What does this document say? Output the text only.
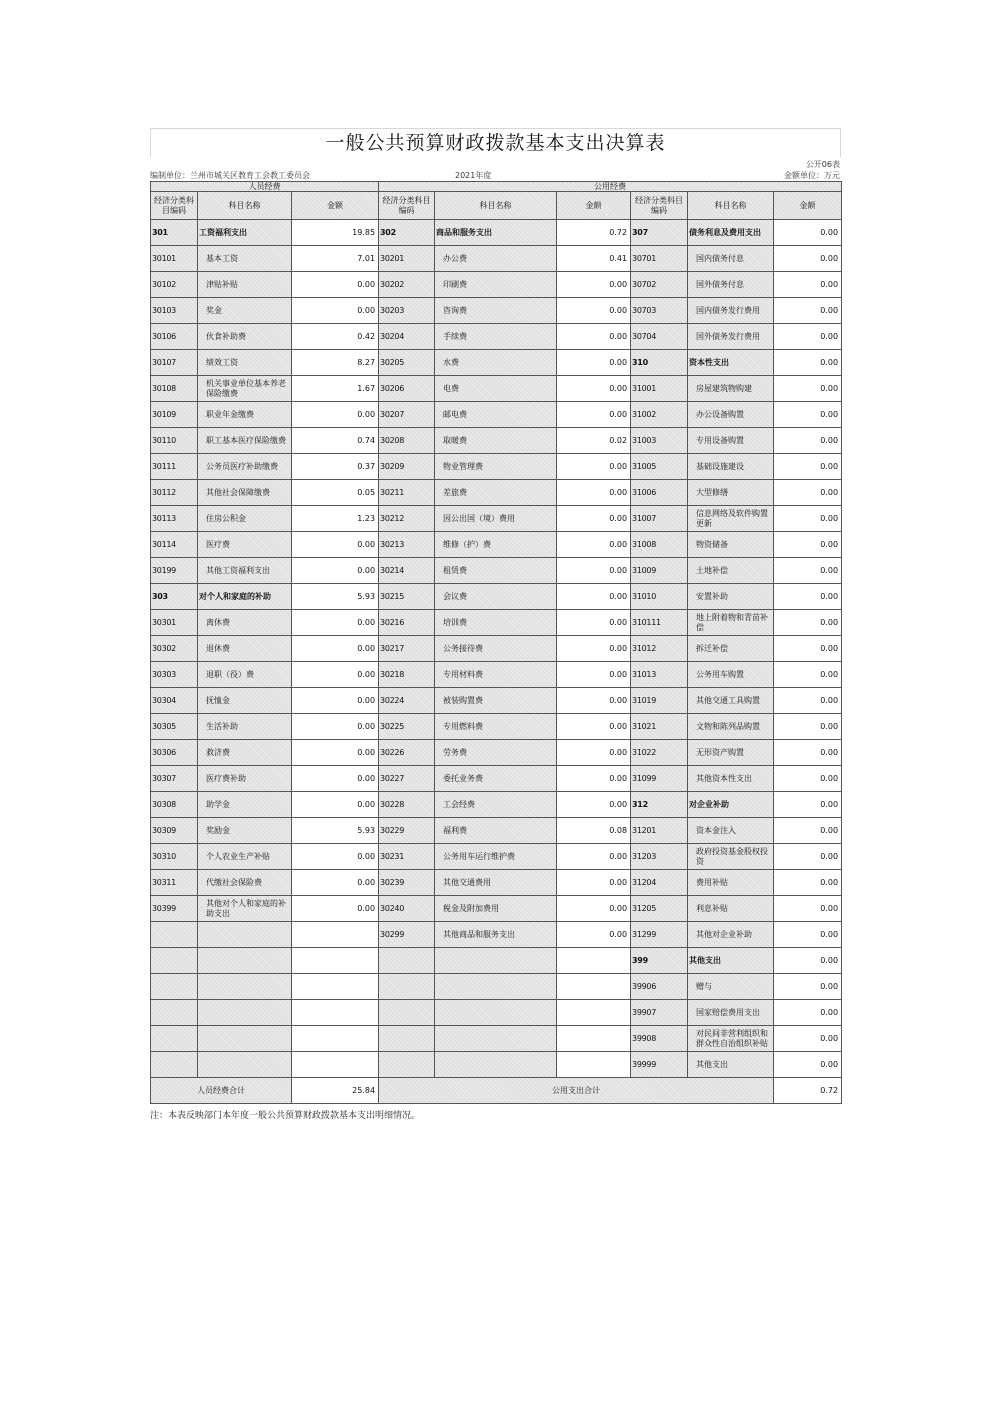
一般公共预算财政拨款基本支出决算表
公开06表
编制单位：兰州市城关区教育工会教工委员会	2021年度	金额单位：万元
人员经费			公用经费					
经济分类科目编码	科目名称	金额	经济分类科目编码	科目名称	金额	经济分类科目编码	科目名称	金额
301	工资福利支出	19.85	302	商品和服务支出	0.72	307	债务利息及费用支出	0.00
30101	基本工资	7.01	30201	办公费	0.41	30701	国内债务付息	0.00
30102	津贴补贴	0.00	30202	印刷费	0.00	30702	国外债务付息	0.00
30103	奖金	0.00	30203	咨询费	0.00	30703	国内债务发行费用	0.00
30106	伙食补助费	0.42	30204	手续费	0.00	30704	国外债务发行费用	0.00
30107	绩效工资	8.27	30205	水费	0.00	310	资本性支出	0.00
30108	机关事业单位基本养老保险缴费	1.67	30206	电费	0.00	31001	房屋建筑物购建	0.00
30109	职业年金缴费	0.00	30207	邮电费	0.00	31002	办公设备购置	0.00
30110	职工基本医疗保险缴费	0.74	30208	取暖费	0.02	31003	专用设备购置	0.00
30111	公务员医疗补助缴费	0.37	30209	物业管理费	0.00	31005	基础设施建设	0.00
30112	其他社会保障缴费	0.05	30211	差旅费	0.00	31006	大型修缮	0.00
30113	住房公积金	1.23	30212	因公出国（境）费用	0.00	31007	信息网络及软件购置更新	0.00
30114	医疗费	0.00	30213	维修（护）费	0.00	31008	物资储备	0.00
30199	其他工资福利支出	0.00	30214	租赁费	0.00	31009	土地补偿	0.00
303	对个人和家庭的补助	5.93	30215	会议费	0.00	31010	安置补助	0.00
30301	离休费	0.00	30216	培训费	0.00	310111	地上附着物和青苗补偿	0.00
30302	退休费	0.00	30217	公务接待费	0.00	31012	拆迁补偿	0.00
30303	退职（役）费	0.00	30218	专用材料费	0.00	31013	公务用车购置	0.00
30304	抚恤金	0.00	30224	被装购置费	0.00	31019	其他交通工具购置	0.00
30305	生活补助	0.00	30225	专用燃料费	0.00	31021	文物和陈列品购置	0.00
30306	救济费	0.00	30226	劳务费	0.00	31022	无形资产购置	0.00
30307	医疗费补助	0.00	30227	委托业务费	0.00	31099	其他资本性支出	0.00
30308	助学金	0.00	30228	工会经费	0.00	312	对企业补助	0.00
30309	奖励金	5.93	30229	福利费	0.08	31201	资本金注入	0.00
30310	个人农业生产补贴	0.00	30231	公务用车运行维护费	0.00	31203	政府投资基金股权投资	0.00
30311	代缴社会保险费	0.00	30239	其他交通费用	0.00	31204	费用补贴	0.00
30399	其他对个人和家庭的补助支出	0.00	30240	税金及附加费用	0.00	31205	利息补贴	0.00
			30299	其他商品和服务支出	0.00	31299	其他对企业补助	0.00
						399	其他支出	0.00
						39906	赠与	0.00
						39907	国家赔偿费用支出	0.00
						39908	对民间非营利组织和群众性自治组织补贴	0.00
						39999	其他支出	0.00
人员经费合计		25.84	公用支出合计					0.72
注：本表反映部门本年度一般公共预算财政拨款基本支出明细情况。
